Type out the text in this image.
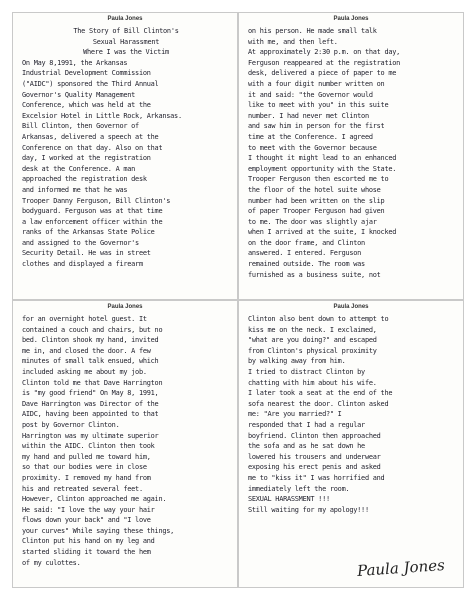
Paula Jones
The Story of Bill Clinton's
Sexual Harassment
Where I was the Victim
On May 8,1991, the Arkansas
Industrial Development Commission
("AIDC") sponsored the Third Annual
Governor's Quality Management
Conference, which was held at the
Excelsior Hotel in Little Rock, Arkansas.
Bill Clinton, then Governor of
Arkansas, delivered a speech at the
Conference on that day. Also on that
day, I worked at the registration
desk at the Conference. A man
approached the registration desk
and informed me that he was
Trooper Danny Ferguson, Bill Clinton's
bodyguard. Ferguson was at that time
a law enforcement officer within the
ranks of the Arkansas State Police
and assigned to the Governor's
Security Detail. He was in street
clothes and displayed a firearm
Paula Jones
on his person. He made small talk
with me, and then left.
At approximately 2:30 p.m. on that day,
Ferguson reappeared at the registration
desk, delivered a piece of paper to me
with a four digit number written on
it and said: "the Governor would
like to meet with you" in this suite
number. I had never met Clinton
and saw him in person for the first
time at the Conference. I agreed
to meet with the Governor because
I thought it might lead to an enhanced
employment opportunity with the State.
Trooper Ferguson then escorted me to
the floor of the hotel suite whose
number had been written on the slip
of paper Trooper Ferguson had given
to me. The door was slightly ajar
when I arrived at the suite, I knocked
on the door frame, and Clinton
answered. I entered. Ferguson
remained outside. The room was
furnished as a business suite, not
Paula Jones
for an overnight hotel guest. It
contained a couch and chairs, but no
bed. Clinton shook my hand, invited
me in, and closed the door. A few
minutes of small talk ensued, which
included asking me about my job.
Clinton told me that Dave Harrington
is "my good friend" On May 8, 1991,
Dave Harrington was Director of the
AIDC, having been appointed to that
post by Governor Clinton.
Harrington was my ultimate superior
within the AIDC. Clinton then took
my hand and pulled me toward him,
so that our bodies were in close
proximity. I removed my hand from
his and retreated several feet.
However, Clinton approached me again.
He said: "I love the way your hair
flows down your back" and "I love
your curves" While saying these things,
Clinton put his hand on my leg and
started sliding it toward the hem
of my culottes.
Paula Jones
Clinton also bent down to attempt to
kiss me on the neck. I exclaimed,
"what are you doing?" and escaped
from Clinton's physical proximity
by walking away from him.
I tried to distract Clinton by
chatting with him about his wife.
I later took a seat at the end of the
sofa nearest the door. Clinton asked
me: "Are you married?" I
responded that I had a regular
boyfriend. Clinton then approached
the sofa and as he sat down he
lowered his trousers and underwear
exposing his erect penis and asked
me to "kiss it" I was horrified and
immediately left the room.
SEXUAL HARASSMENT !!!
Still waiting for my apology!!!
Paula Jones
